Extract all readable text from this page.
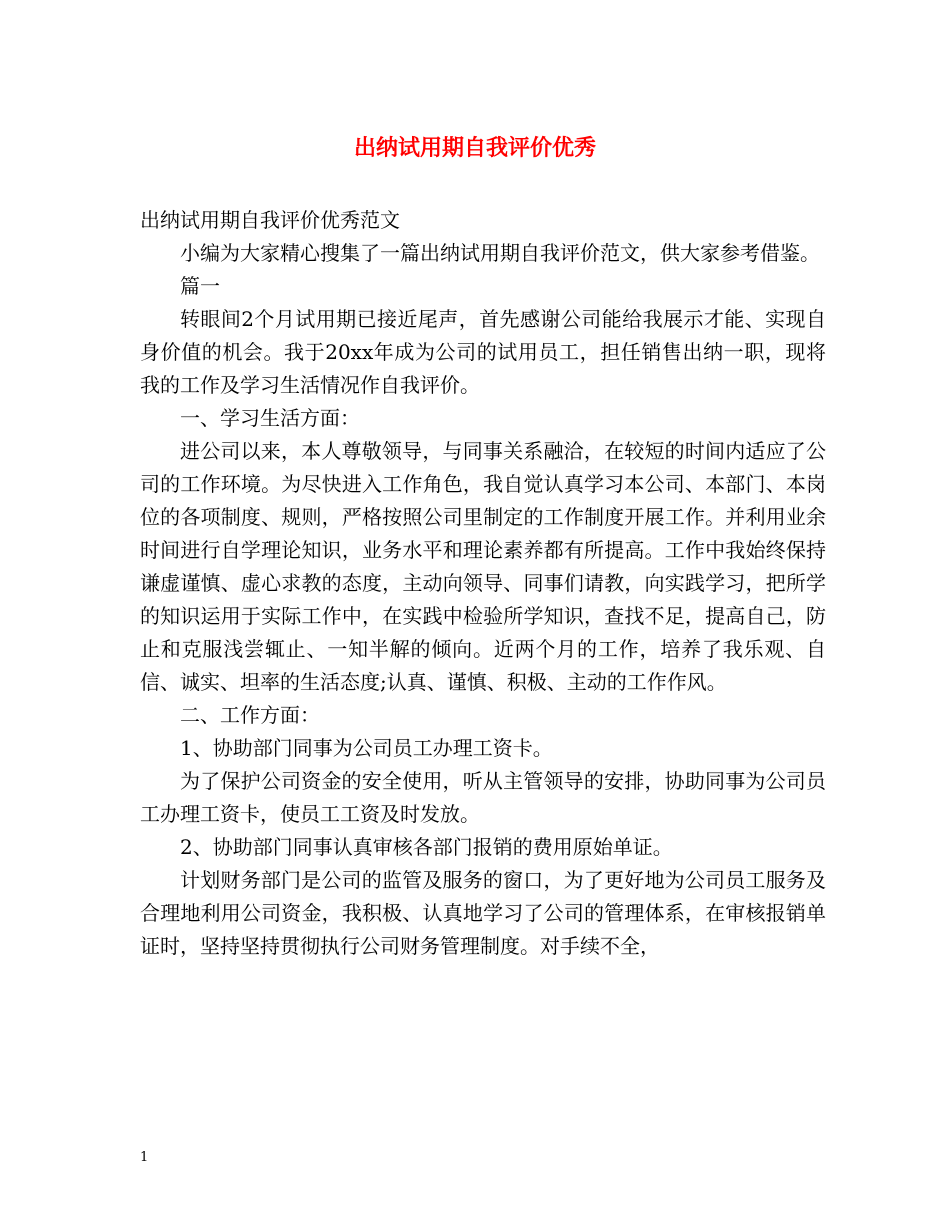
出纳试用期自我评价优秀

出纳试用期自我评价优秀范文

小编为大家精心搜集了一篇出纳试用期自我评价范文，供大家参考借鉴。

篇一

转眼间2个月试用期已接近尾声，首先感谢公司能给我展示才能、实现自身价值的机会。我于20xx年成为公司的试用员工，担任销售出纳一职，现将我的工作及学习生活情况作自我评价。

一、学习生活方面：

进公司以来，本人尊敬领导，与同事关系融洽，在较短的时间内适应了公司的工作环境。为尽快进入工作角色，我自觉认真学习本公司、本部门、本岗位的各项制度、规则，严格按照公司里制定的工作制度开展工作。并利用业余时间进行自学理论知识，业务水平和理论素养都有所提高。工作中我始终保持谦虚谨慎、虚心求教的态度，主动向领导、同事们请教，向实践学习，把所学的知识运用于实际工作中，在实践中检验所学知识，查找不足，提高自己，防止和克服浅尝辄止、一知半解的倾向。近两个月的工作，培养了我乐观、自信、诚实、坦率的生活态度;认真、谨慎、积极、主动的工作作风。

二、工作方面：

1、协助部门同事为公司员工办理工资卡。

为了保护公司资金的安全使用，听从主管领导的安排，协助同事为公司员工办理工资卡，使员工工资及时发放。

2、协助部门同事认真审核各部门报销的费用原始单证。

计划财务部门是公司的监管及服务的窗口，为了更好地为公司员工服务及合理地利用公司资金，我积极、认真地学习了公司的管理体系，在审核报销单证时，坚持坚持贯彻执行公司财务管理制度。对手续不全，

1
